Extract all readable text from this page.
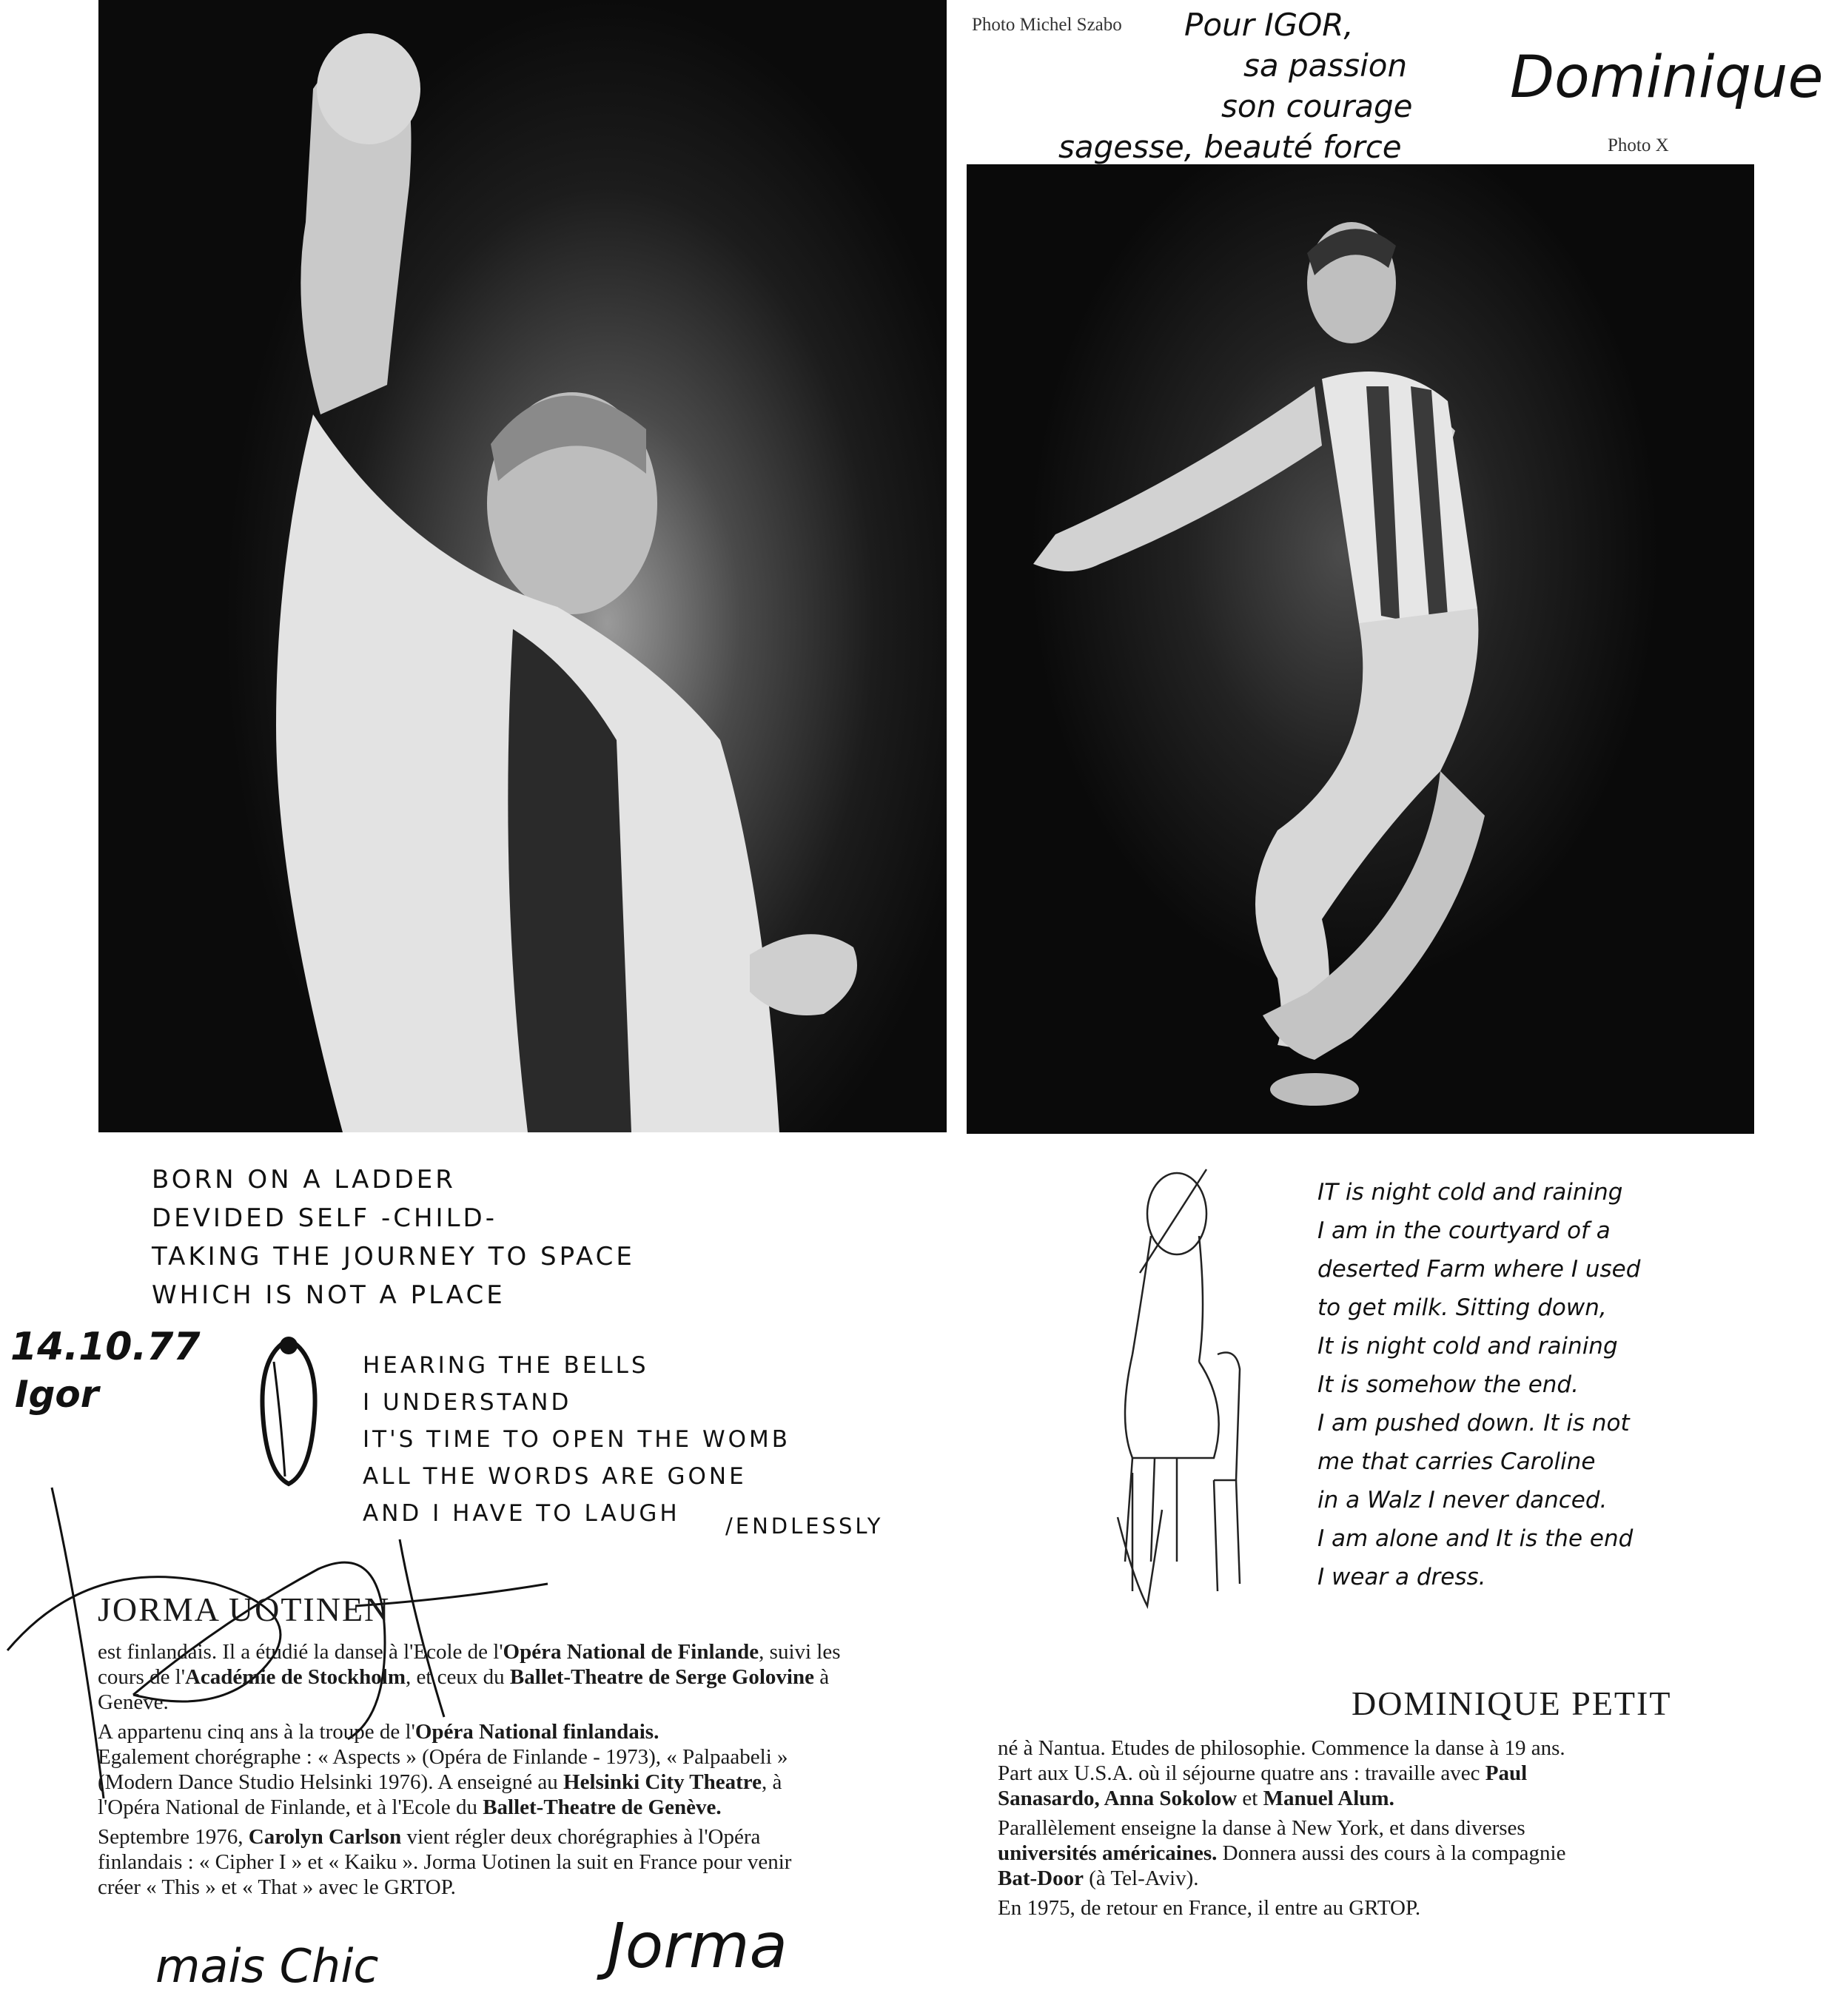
Photo Michel Szabo
Photo X
Pour IGOR,
sa passion
son courage
sagesse, beauté force
Dominique
BORN ON A LADDER
DEVIDED SELF -CHILD-
TAKING THE JOURNEY TO SPACE
WHICH IS NOT A PLACE
HEARING THE BELLS
I UNDERSTAND
IT'S TIME TO OPEN THE WOMB
ALL THE WORDS ARE GONE
AND I HAVE TO LAUGH	/ENDLESSLY
14.10.77
Igor
JORMA UOTINEN

est finlandais. Il a étudié la danse à l'Ecole de l'Opéra National de Finlande, suivi les
cours de l'Académie de Stockholm, et ceux du Ballet-Theatre de Serge Golovine à
Genève.

A appartenu cinq ans à la troupe de l'Opéra National finlandais.
Egalement chorégraphe : « Aspects » (Opéra de Finlande - 1973), « Palpaabeli »
(Modern Dance Studio Helsinki 1976). A enseigné au Helsinki City Theatre, à
l'Opéra National de Finlande, et à l'Ecole du Ballet-Theatre de Genève.

Septembre 1976, Carolyn Carlson vient régler deux chorégraphies à l'Opéra
finlandais : « Cipher I » et « Kaiku ». Jorma Uotinen la suit en France pour venir
créer « This » et « That » avec le GRTOP.

mais Chic	Jorma
IT is night cold and raining
I am in the courtyard of a
deserted Farm where I used
to get milk. Sitting down,
It is night cold and raining
It is somehow the end.
I am pushed down. It is not
me that carries Caroline
in a Walz I never danced.
I am alone and It is the end
I wear a dress.
DOMINIQUE PETIT

né à Nantua. Etudes de philosophie. Commence la danse à 19 ans.
Part aux U.S.A. où il séjourne quatre ans : travaille avec Paul
Sanasardo, Anna Sokolow et Manuel Alum.

Parallèlement enseigne la danse à New York, et dans diverses
universités américaines. Donnera aussi des cours à la compagnie
Bat-Door (à Tel-Aviv).

En 1975, de retour en France, il entre au GRTOP.
